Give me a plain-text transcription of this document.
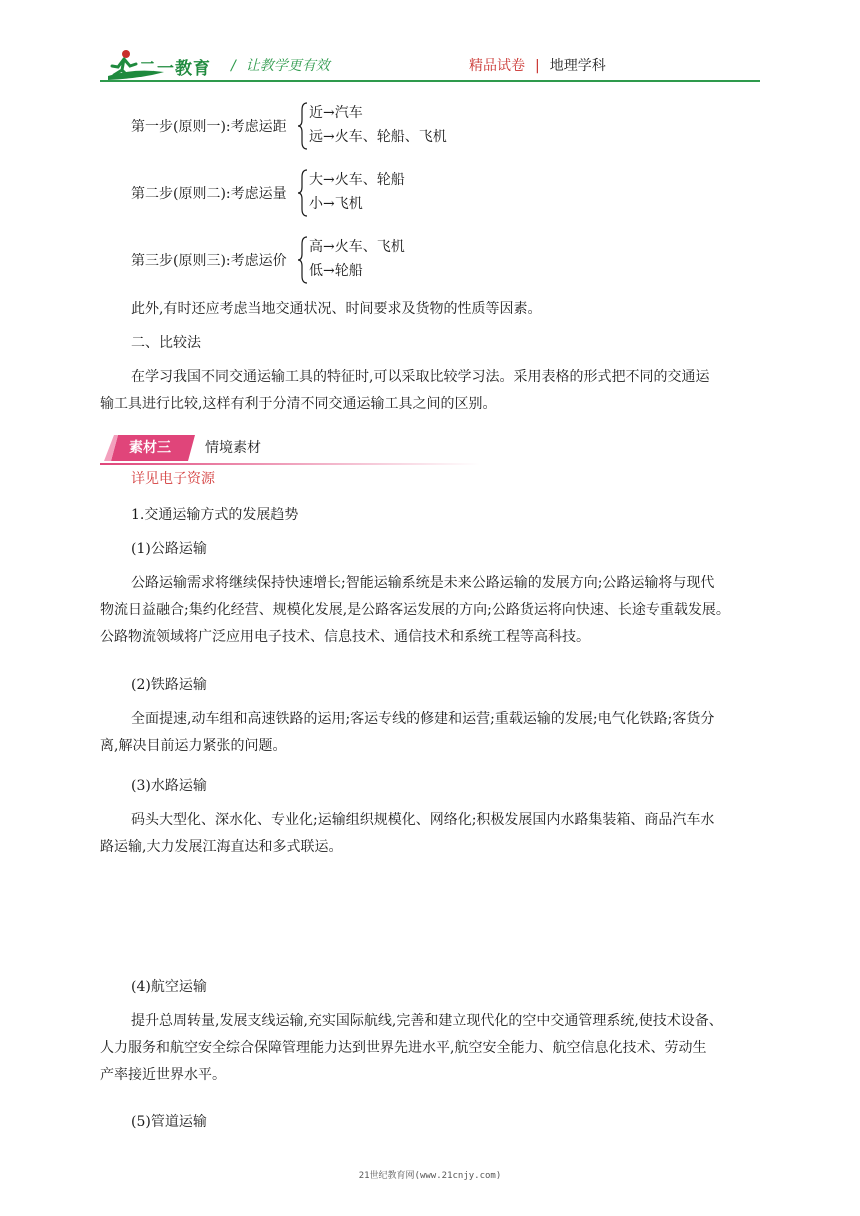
二一教育 / 让教学更有效	精品试卷 | 地理学科
第一步(原则一):考虑运距
近→汽车
远→火车、轮船、飞机
第二步(原则二):考虑运量
大→火车、轮船
小→飞机
第三步(原则三):考虑运价
高→火车、飞机
低→轮船
此外,有时还应考虑当地交通状况、时间要求及货物的性质等因素。
二、比较法
在学习我国不同交通运输工具的特征时,可以采取比较学习法。采用表格的形式把不同的交通运
输工具进行比较,这样有利于分清不同交通运输工具之间的区别。
素材三 情境素材
详见电子资源
1.交通运输方式的发展趋势
(1)公路运输
公路运输需求将继续保持快速增长;智能运输系统是未来公路运输的发展方向;公路运输将与现代
物流日益融合;集约化经营、规模化发展,是公路客运发展的方向;公路货运将向快速、长途专重载发展。
公路物流领域将广泛应用电子技术、信息技术、通信技术和系统工程等高科技。
(2)铁路运输
全面提速,动车组和高速铁路的运用;客运专线的修建和运营;重载运输的发展;电气化铁路;客货分
离,解决目前运力紧张的问题。
(3)水路运输
码头大型化、深水化、专业化;运输组织规模化、网络化;积极发展国内水路集装箱、商品汽车水
路运输,大力发展江海直达和多式联运。
(4)航空运输
提升总周转量,发展支线运输,充实国际航线,完善和建立现代化的空中交通管理系统,使技术设备、
人力服务和航空安全综合保障管理能力达到世界先进水平,航空安全能力、航空信息化技术、劳动生
产率接近世界水平。
(5)管道运输
21世纪教育网(www.21cnjy.com)
